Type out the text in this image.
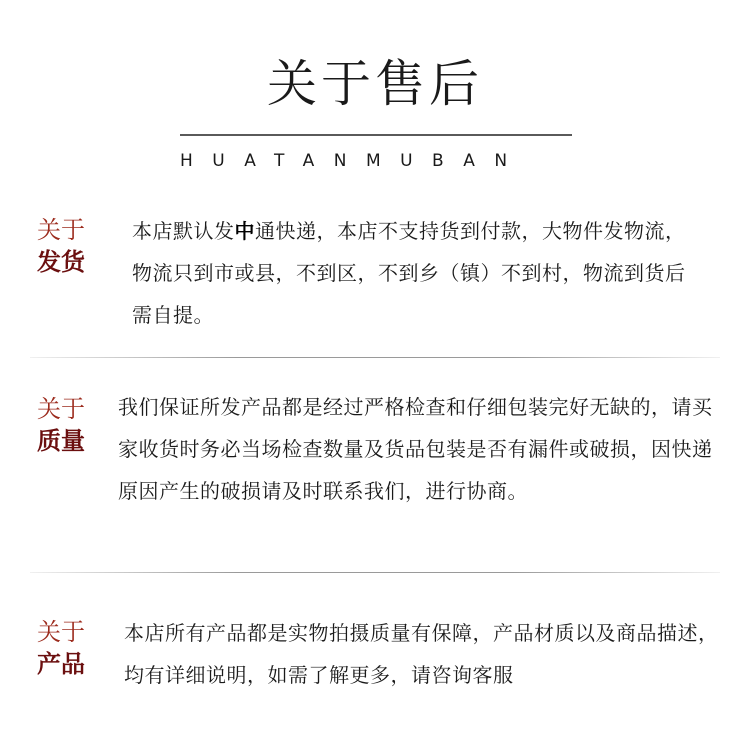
关于售后
HUATANMUBAN
关于
发货
本店默认发中通快递，本店不支持货到付款，大物件发物流，物流只到市或县，不到区，不到乡（镇）不到村，物流到货后需自提。
关于
质量
我们保证所发产品都是经过严格检查和仔细包装完好无缺的，请买家收货时务必当场检查数量及货品包装是否有漏件或破损，因快递原因产生的破损请及时联系我们，进行协商。
关于
产品
本店所有产品都是实物拍摄质量有保障，产品材质以及商品描述，均有详细说明，如需了解更多，请咨询客服
